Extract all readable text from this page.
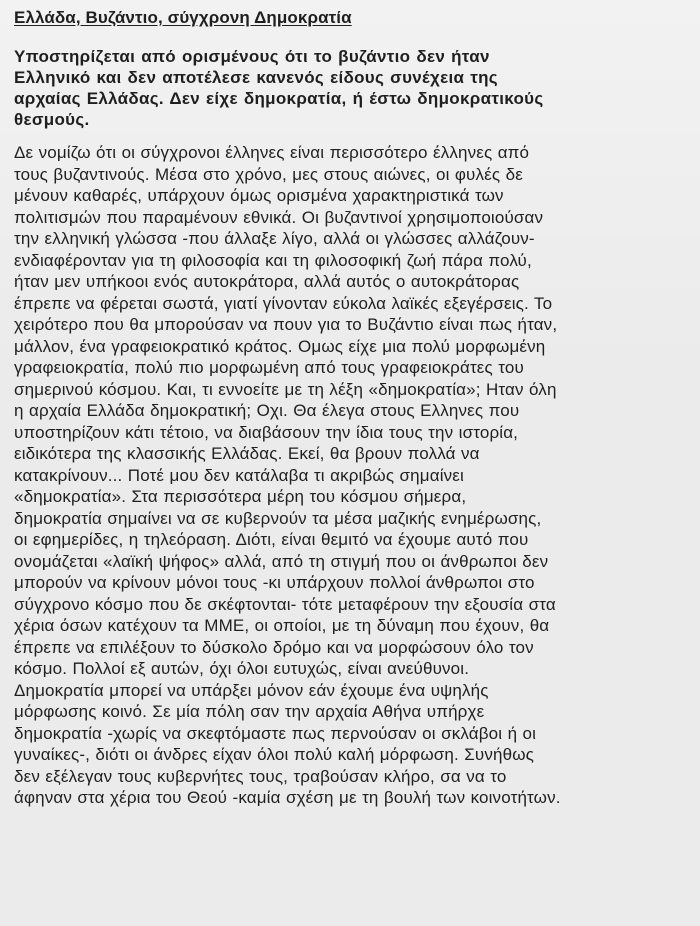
Ελλάδα, Βυζάντιο, σύγχρονη Δημοκρατία
Υποστηρίζεται από ορισμένους ότι το βυζάντιο δεν ήταν
Ελληνικό και δεν αποτέλεσε κανενός είδους συνέχεια της
αρχαίας Ελλάδας. Δεν είχε δημοκρατία, ή έστω δημοκρατικούς
θεσμούς.
Δε νομίζω ότι οι σύγχρονοι έλληνες είναι περισσότερο έλληνες από
τους βυζαντινούς. Μέσα στο χρόνο, μες στους αιώνες, οι φυλές δε
μένουν καθαρές, υπάρχουν όμως ορισμένα χαρακτηριστικά των
πολιτισμών που παραμένουν εθνικά. Οι βυζαντινοί χρησιμοποιούσαν
την ελληνική γλώσσα -που άλλαξε λίγο, αλλά οι γλώσσες αλλάζουν-
ενδιαφέρονταν για τη φιλοσοφία και τη φιλοσοφική ζωή πάρα πολύ,
ήταν μεν υπήκοοι ενός αυτοκράτορα, αλλά αυτός ο αυτοκράτορας
έπρεπε να φέρεται σωστά, γιατί γίνονταν εύκολα λαϊκές εξεγέρσεις. Το
χειρότερο που θα μπορούσαν να πουν για το Βυζάντιο είναι πως ήταν,
μάλλον, ένα γραφειοκρατικό κράτος. Ομως είχε μια πολύ μορφωμένη
γραφειοκρατία, πολύ πιο μορφωμένη από τους γραφειοκράτες του
σημερινού κόσμου. Και, τι εννοείτε με τη λέξη «δημοκρατία»; Ηταν όλη
η αρχαία Ελλάδα δημοκρατική; Οχι. Θα έλεγα στους Ελληνες που
υποστηρίζουν κάτι τέτοιο, να διαβάσουν την ίδια τους την ιστορία,
ειδικότερα της κλασσικής Ελλάδας. Εκεί, θα βρουν πολλά να
κατακρίνουν... Ποτέ μου δεν κατάλαβα τι ακριβώς σημαίνει
«δημοκρατία». Στα περισσότερα μέρη του κόσμου σήμερα,
δημοκρατία σημαίνει να σε κυβερνούν τα μέσα μαζικής ενημέρωσης,
οι εφημερίδες, η τηλεόραση. Διότι, είναι θεμιτό να έχουμε αυτό που
ονομάζεται «λαϊκή ψήφος» αλλά, από τη στιγμή που οι άνθρωποι δεν
μπορούν να κρίνουν μόνοι τους -κι υπάρχουν πολλοί άνθρωποι στο
σύγχρονο κόσμο που δε σκέφτονται- τότε μεταφέρουν την εξουσία στα
χέρια όσων κατέχουν τα ΜΜΕ, οι οποίοι, με τη δύναμη που έχουν, θα
έπρεπε να επιλέξουν το δύσκολο δρόμο και να μορφώσουν όλο τον
κόσμο. Πολλοί εξ αυτών, όχι όλοι ευτυχώς, είναι ανεύθυνοι.
Δημοκρατία μπορεί να υπάρξει μόνον εάν έχουμε ένα υψηλής
μόρφωσης κοινό. Σε μία πόλη σαν την αρχαία Αθήνα υπήρχε
δημοκρατία -χωρίς να σκεφτόμαστε πως περνούσαν οι σκλάβοι ή οι
γυναίκες-, διότι οι άνδρες είχαν όλοι πολύ καλή μόρφωση. Συνήθως
δεν εξέλεγαν τους κυβερνήτες τους, τραβούσαν κλήρο, σα να το
άφηναν στα χέρια του Θεού -καμία σχέση με τη βουλή των κοινοτήτων.
